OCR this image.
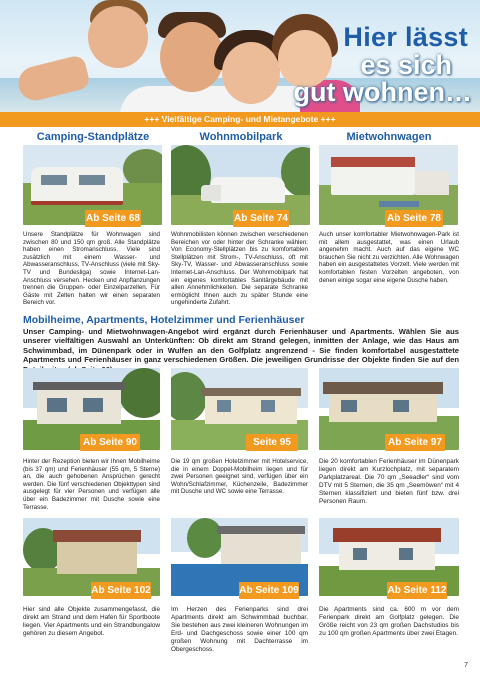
Hier lässt
es sich
gut wohnen…
+++ Vielfältige Camping- und Mietangebote +++
Camping-Standplätze	Wohnmobilpark	Mietwohnwagen
Ab Seite 68	Ab Seite 74	Ab Seite 78
Unsere Standplätze für Wohnwagen sind zwischen 80 und 150 qm groß. Alle Standplätze haben einen Stromanschluss. Viele sind zusätzlich mit einem Wasser- und Abwasseranschluss, TV-Anschluss (viele mit Sky-TV und Bundesliga) sowie Internet-Lan-Anschluss versehen. Hecken und Anpflanzungen trennen die Gruppen- oder Einzelparzellen. Für Gäste mit Zelten halten wir einen separaten Bereich vor.
Wohnmobilisten können zwischen verschiedenen Bereichen vor oder hinter der Schranke wählen: Von Economy-Stellplätzen bis zu komfortablen Stellplätzen mit Strom-, TV-Anschluss, oft mit Sky-TV, Wasser- und Abwasseranschluss sowie Internet-Lan-Anschluss. Der Wohnmobilpark hat ein eigenes komfortables Sanitärgebäude mit allen Annehmlichkeiten. Die separate Schranke ermöglicht Ihnen auch zu später Stunde eine ungehinderte Zufahrt.
Auch unser komfortabler Mietwohnwagen-Park ist mit allem ausgestattet, was einen Urlaub angenehm macht. Auch auf das eigene WC brauchen Sie nicht zu verzichten. Alle Wohnwagen haben ein ausgestattetes Vorzelt. Viele werden mit komfortablen festen Vorzelten angeboten, von denen einige sogar eine eigene Dusche haben.
Mobilheime, Apartments, Hotelzimmer und Ferienhäuser
Unser Camping- und Mietwohnwagen-Angebot wird ergänzt durch Ferienhäuser und Apartments. Wählen Sie aus unserer vielfältigen Auswahl an Unterkünften: Ob direkt am Strand gelegen, inmitten der Anlage, wie das Haus am Schwimmbad, im Dünenpark oder in Wulfen an den Golfplatz angrenzend - Sie finden komfortabel ausgestattete Apartments und Ferienhäuser in ganz verschiedenen Größen. Die jeweiligen Grundrisse der Objekte finden Sie auf den
Ab Seite 90	Seite 95	Ab Seite 97
Hinter der Rezeption bieten wir Ihnen Mobilheime (bis 37 qm) und Ferienhäuser (55 qm, 5 Sterne) an, die auch gehobenen Ansprüchen gerecht werden. Die fünf verschiedenen Objekttypen sind ausgelegt für vier Personen und verfügen alle über ein Badezimmer mit Dusche sowie eine Terrasse.
Die 19 qm großen Hotelzimmer mit Hotelservice, die in einem Doppel-Mobilheim liegen und für zwei Personen geeignet sind, verfügen über ein Wohn/Schlafzimmer, Küchenzeile, Badezimmer mit Dusche und WC sowie eine Terrasse.
Die 20 komfortablen Ferienhäuser im Dünenpark liegen direkt am Kurzlochplatz, mit separatem Parkplatzareal. Die 70 qm „Seeadler“ sind vom DTV mit 5 Sternen, die 35 qm „Seemöwen“ mit 4 Sternen klassifiziert und bieten fünf bzw. drei Personen Raum.
Ab Seite 102	Ab Seite 109	Ab Seite 112
Hier sind alle Objekte zusammengefasst, die direkt am Strand und dem Hafen für Sportboote liegen. Vier Apartments und ein Strandbungalow gehören zu diesem Angebot.
Im Herzen des Ferienparks sind drei Apartments direkt am Schwimmbad buchbar. Sie bestehen aus zwei kleineren Wohnungen im Erd- und Dachgeschoss sowie einer 100 qm großen Wohnung mit Dachterrasse im Obergeschoss.
Die Apartments sind ca. 600 m vor dem Ferienpark direkt am Golfplatz gelegen. Die Größe reicht von 23 qm großen Dachstudios bis zu 100 qm großen Apartments über zwei Etagen.
7
